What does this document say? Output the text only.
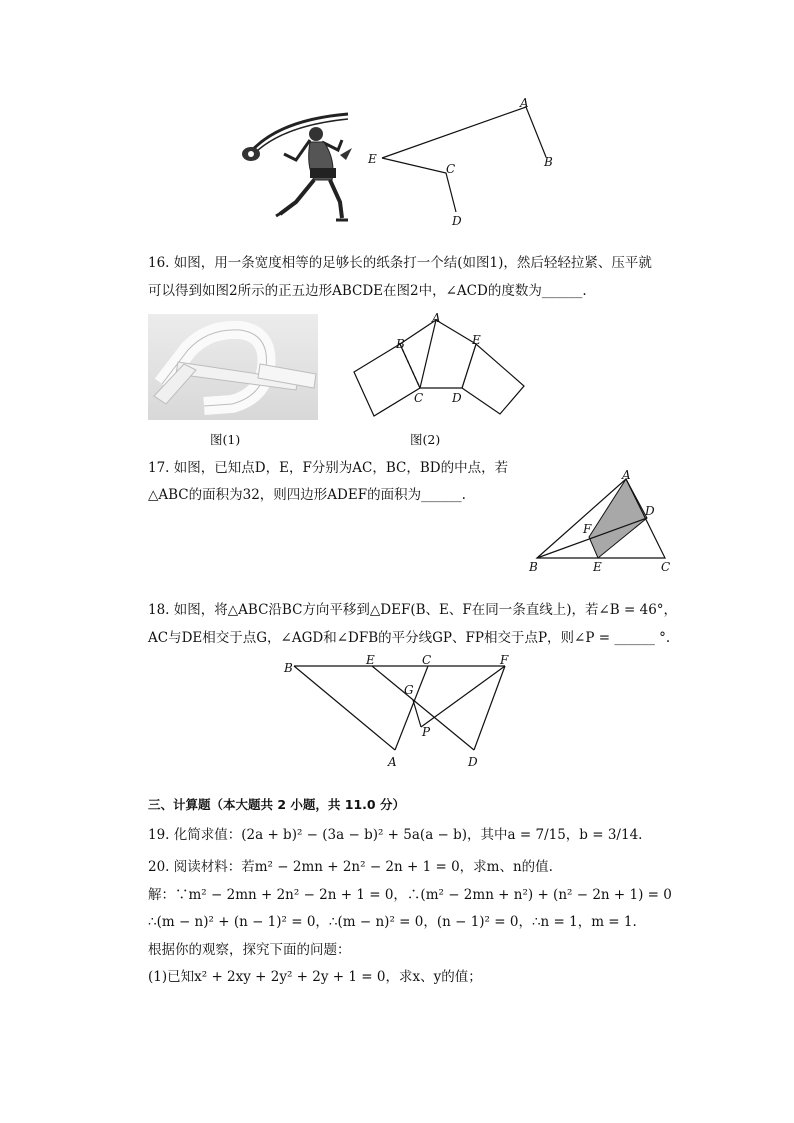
A
B
C
D
E
16. 如图，用一条宽度相等的足够长的纸条打一个结(如图1)，然后轻轻拉紧、压平就
可以得到如图2所示的正五边形ABCDE在图2中，∠ACD的度数为______.
A
B
C D
E
图(1)	图(2)
17. 如图，已知点D，E，F分别为AC，BC，BD的中点，若
△ABC的面积为32，则四边形ADEF的面积为______.
A
B	C
D
E
F
18. 如图，将△ABC沿BC方向平移到△DEF(B、E、F在同一条直线上)，若∠B = 46°，
AC与DE相交于点G，∠AGD和∠DFB的平分线GP、FP相交于点P，则∠P = ______ °.
B
E	C	F
G
P
A	D
三、计算题（本大题共 2 小题，共 11.0 分）
19. 化简求值：(2a + b)² − (3a − b)² + 5a(a − b)，其中a = 7/15，b = 3/14.
20. 阅读材料：若m² − 2mn + 2n² − 2n + 1 = 0，求m、n的值.
解：∵m² − 2mn + 2n² − 2n + 1 = 0，∴(m² − 2mn + n²) + (n² − 2n + 1) = 0
∴(m − n)² + (n − 1)² = 0，∴(m − n)² = 0，(n − 1)² = 0，∴n = 1，m = 1.
根据你的观察，探究下面的问题：
(1)已知x² + 2xy + 2y² + 2y + 1 = 0，求x、y的值；
